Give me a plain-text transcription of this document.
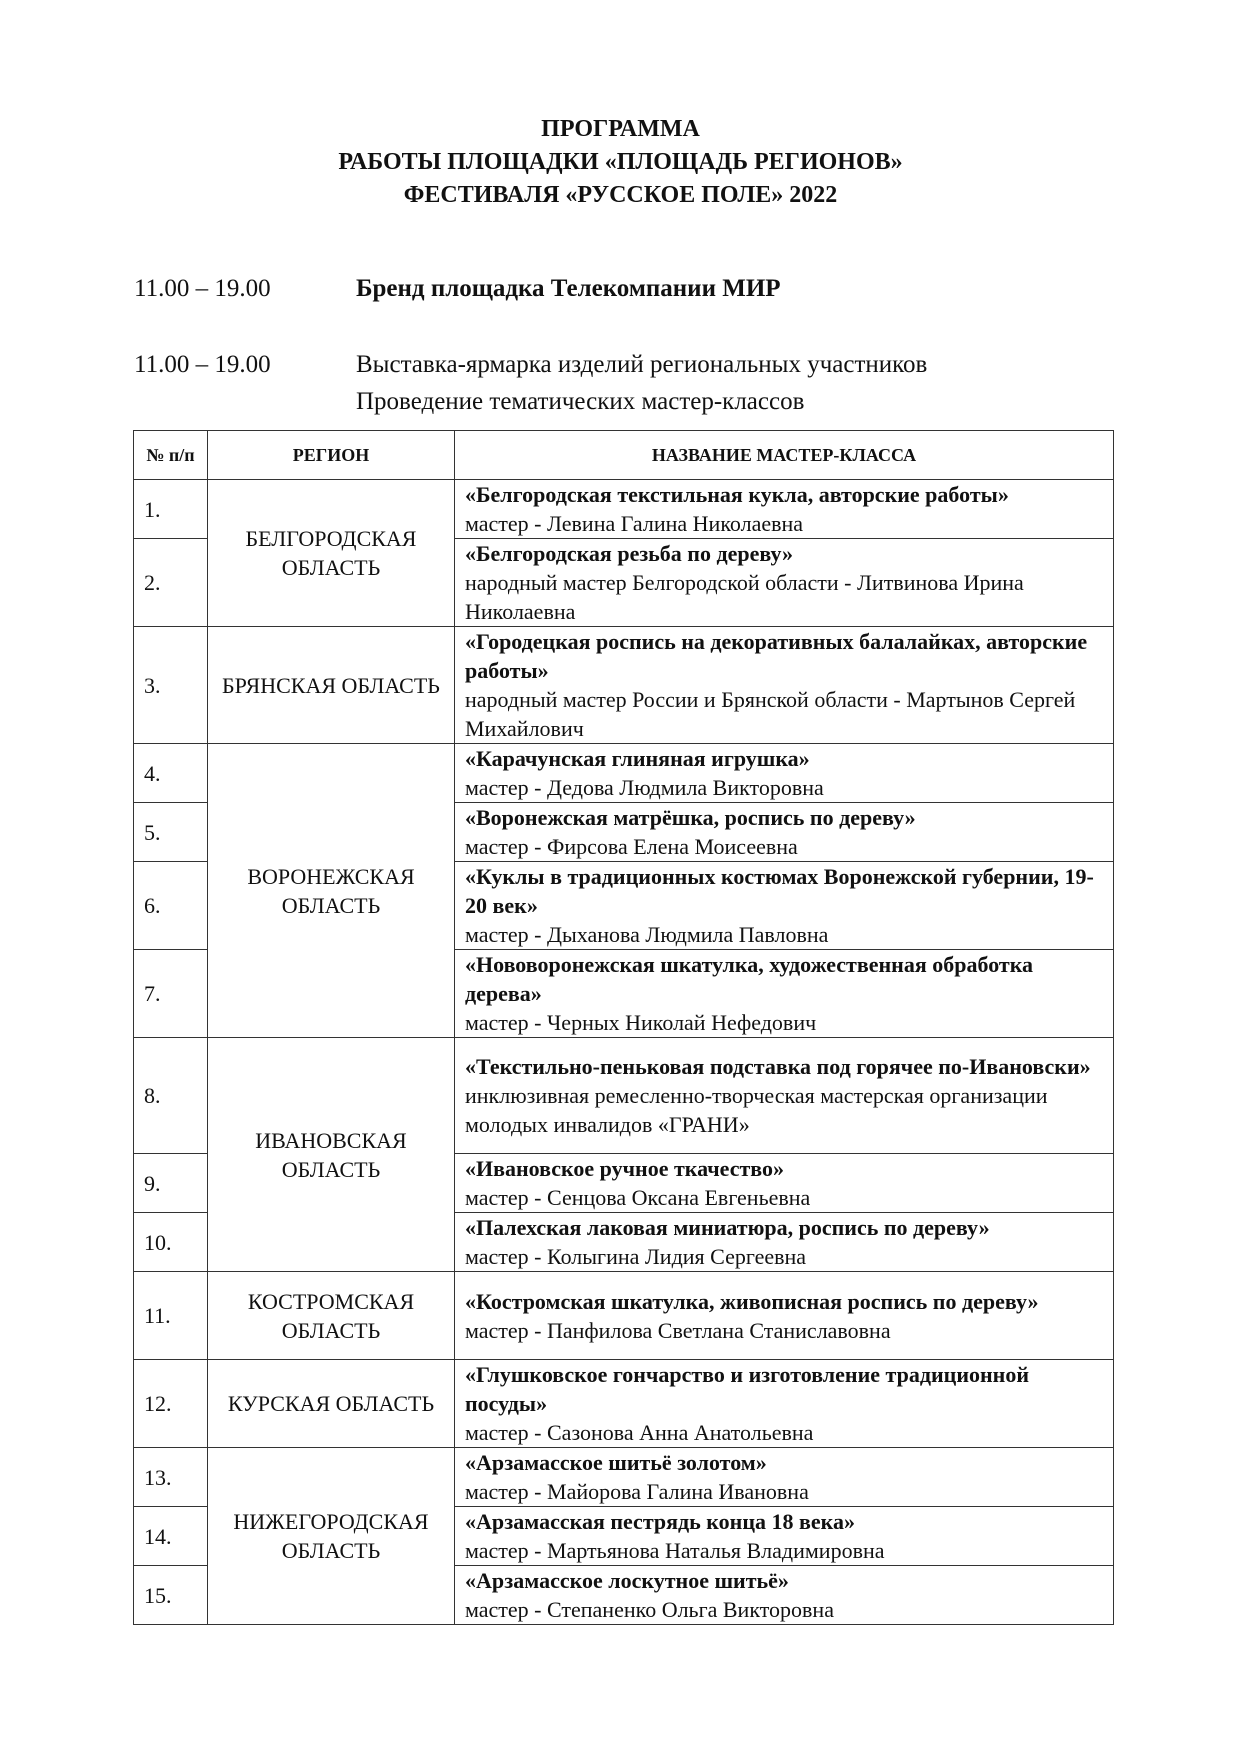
ПРОГРАММА
РАБОТЫ ПЛОЩАДКИ «ПЛОЩАДЬ РЕГИОНОВ»
ФЕСТИВАЛЯ «РУССКОЕ ПОЛЕ» 2022
11.00 – 19.00	Бренд площадка Телекомпании МИР
11.00 – 19.00	Выставка-ярмарка изделий региональных участников
Проведение тематических мастер-классов
№ п/п	РЕГИОН	НАЗВАНИЕ МАСТЕР-КЛАССА
1.	БЕЛГОРОДСКАЯ ОБЛАСТЬ	«Белгородская текстильная кукла, авторские работы»
мастер - Левина Галина Николаевна

2.		«Белгородская резьба по дереву»
народный мастер Белгородской области - Литвинова Ирина Николаевна

3.	БРЯНСКАЯ ОБЛАСТЬ	«Городецкая роспись на декоративных балалайках, авторские работы»
народный мастер России и Брянской области - Мартынов Сергей Михайлович

4.	ВОРОНЕЖСКАЯ ОБЛАСТЬ	«Карачунская глиняная игрушка»
мастер - Дедова Людмила Викторовна

5.		«Воронежская матрёшка, роспись по дереву»
мастер - Фирсова Елена Моисеевна

6.		«Куклы в традиционных костюмах Воронежской губернии, 19-20 век»
мастер - Дыханова Людмила Павловна

7.		«Нововоронежская шкатулка, художественная обработка дерева»
мастер - Черных Николай Нефедович

8.	ИВАНОВСКАЯ ОБЛАСТЬ	«Текстильно-пеньковая подставка под горячее по-Ивановски»
инклюзивная ремесленно-творческая мастерская организации молодых инвалидов «ГРАНИ»

9.		«Ивановское ручное ткачество»
мастер - Сенцова Оксана Евгеньевна

10.		«Палехская лаковая миниатюра, роспись по дереву»
мастер - Колыгина Лидия Сергеевна

11.	КОСТРОМСКАЯ ОБЛАСТЬ	«Костромская шкатулка, живописная роспись по дереву»
мастер - Панфилова Светлана Станиславовна

12.	КУРСКАЯ ОБЛАСТЬ	«Глушковское гончарство и изготовление традиционной посуды»
мастер - Сазонова Анна Анатольевна

13.	НИЖЕГОРОДСКАЯ ОБЛАСТЬ	«Арзамасское шитьё золотом»
мастер - Майорова Галина Ивановна

14.		«Арзамасская пестрядь конца 18 века»
мастер - Мартьянова Наталья Владимировна

15.		«Арзамасское лоскутное шитьё»
мастер - Степаненко Ольга Викторовна
